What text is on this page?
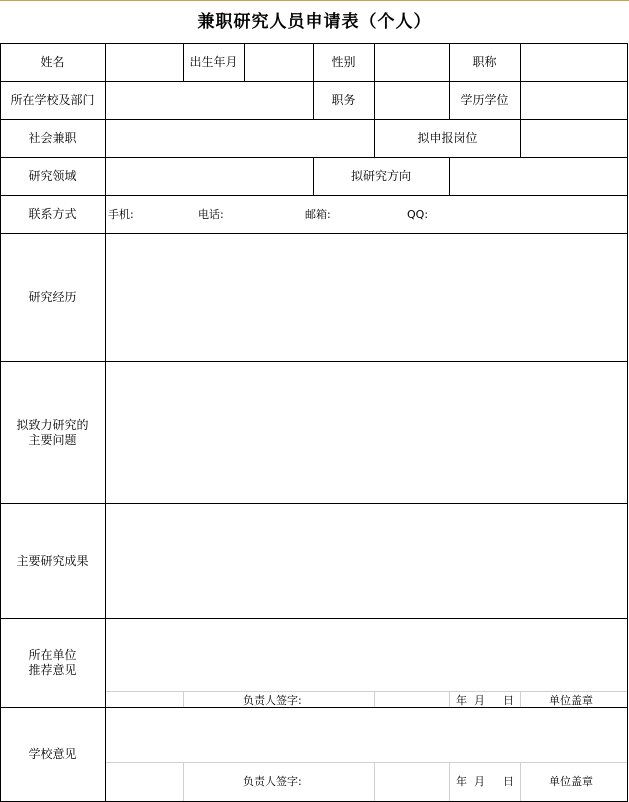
兼职研究人员申请表（个人）
姓名	出生年月	性别	职称
所在学校及部门	职务	学历学位
社会兼职	拟申报岗位
研究领域	拟研究方向
联系方式	手机:	电话:	邮箱:	QQ:
研究经历
拟致力研究的
主要问题
主要研究成果
所在单位
推荐意见
负责人签字:	年 月 日	单位盖章
学校意见
负责人签字:	年 月 日	单位盖章
